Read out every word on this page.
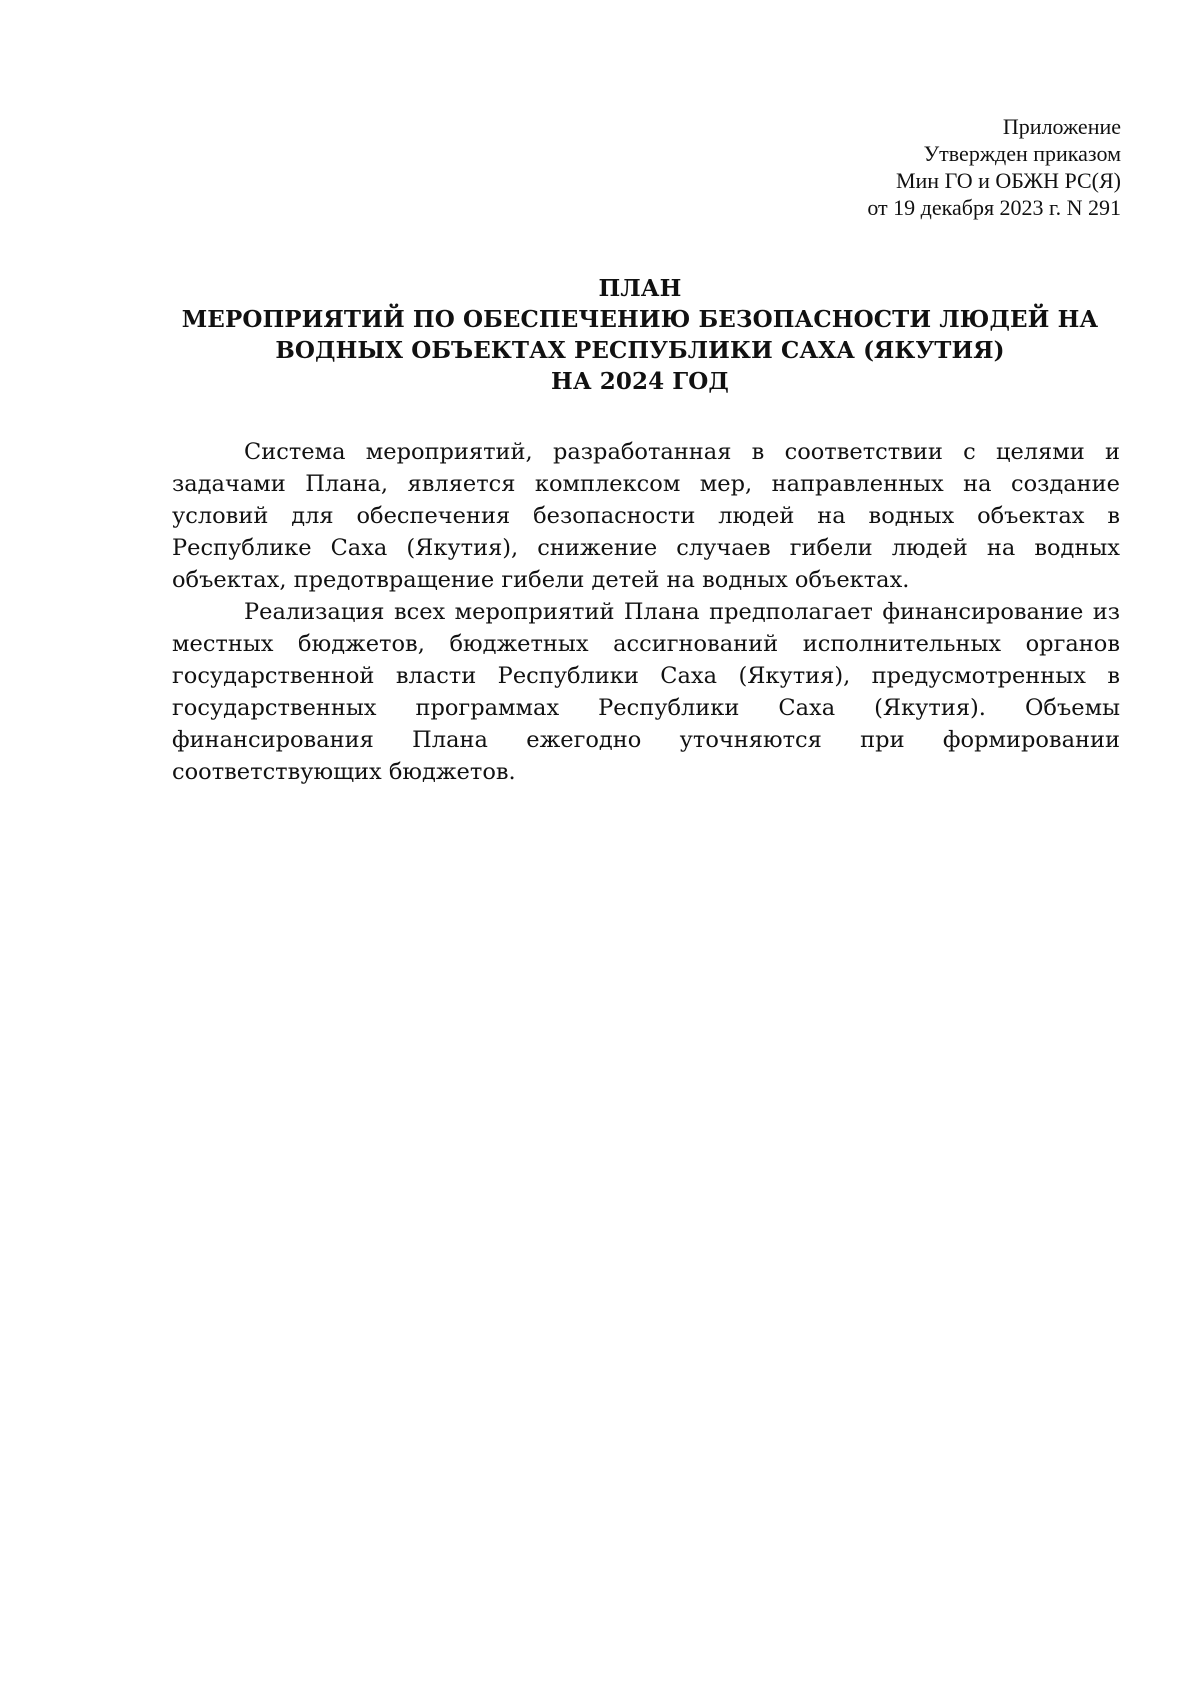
Приложение
Утвержден приказом
Мин ГО и ОБЖН РС(Я)
от 19 декабря 2023 г. N 291
ПЛАН
МЕРОПРИЯТИЙ ПО ОБЕСПЕЧЕНИЮ БЕЗОПАСНОСТИ ЛЮДЕЙ НА
ВОДНЫХ ОБЪЕКТАХ РЕСПУБЛИКИ САХА (ЯКУТИЯ)
НА 2024 ГОД
Система мероприятий, разработанная в соответствии с целями и
задачами Плана, является комплексом мер, направленных на создание
условий для обеспечения безопасности людей на водных объектах в
Республике Саха (Якутия), снижение случаев гибели людей на водных
объектах, предотвращение гибели детей на водных объектах.
Реализация всех мероприятий Плана предполагает финансирование из
местных бюджетов, бюджетных ассигнований исполнительных органов
государственной власти Республики Саха (Якутия), предусмотренных в
государственных программах Республики Саха (Якутия). Объемы
финансирования Плана ежегодно уточняются при формировании
соответствующих бюджетов.
